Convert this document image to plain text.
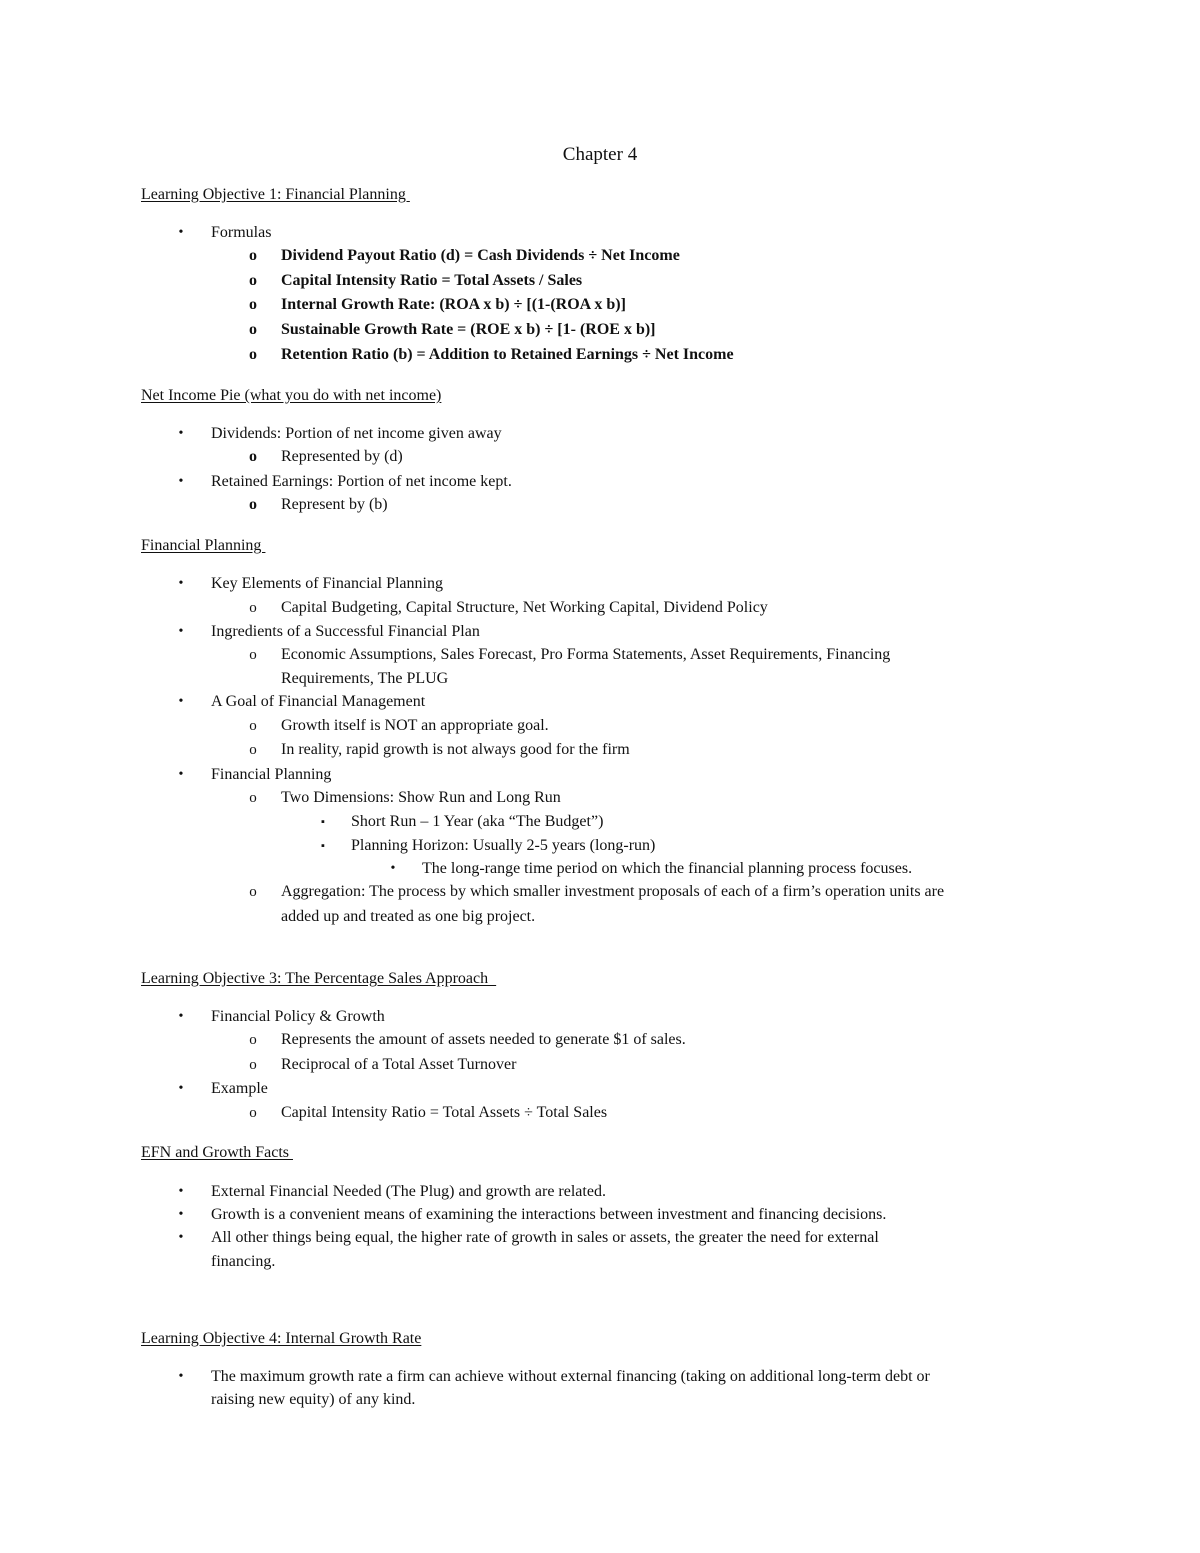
Chapter 4
Learning Objective 1: Financial Planning
• Formulas
o Dividend Payout Ratio (d) = Cash Dividends ÷ Net Income
o Capital Intensity Ratio = Total Assets / Sales
o Internal Growth Rate: (ROA x b) ÷ [(1-(ROA x b)]
o Sustainable Growth Rate = (ROE x b) ÷ [1- (ROE x b)]
o Retention Ratio (b) = Addition to Retained Earnings ÷ Net Income
Net Income Pie (what you do with net income)
• Dividends: Portion of net income given away
o Represented by (d)
• Retained Earnings: Portion of net income kept.
o Represent by (b)
Financial Planning
• Key Elements of Financial Planning
o Capital Budgeting, Capital Structure, Net Working Capital, Dividend Policy
• Ingredients of a Successful Financial Plan
o Economic Assumptions, Sales Forecast, Pro Forma Statements, Asset Requirements, Financing
Requirements, The PLUG
• A Goal of Financial Management
o Growth itself is NOT an appropriate goal.
o In reality, rapid growth is not always good for the firm
• Financial Planning
o Two Dimensions: Show Run and Long Run
▪	Short Run – 1 Year (aka “The Budget”)
▪	Planning Horizon: Usually 2-5 years (long-run)
• The long-range time period on which the financial planning process focuses.
o Aggregation: The process by which smaller investment proposals of each of a firm’s operation units are
added up and treated as one big project.
Learning Objective 3: The Percentage Sales Approach
• Financial Policy & Growth
o Represents the amount of assets needed to generate $1 of sales.
o Reciprocal of a Total Asset Turnover
• Example
o Capital Intensity Ratio = Total Assets ÷ Total Sales
EFN and Growth Facts
• External Financial Needed (The Plug) and growth are related.
• Growth is a convenient means of examining the interactions between investment and financing decisions.
• All other things being equal, the higher rate of growth in sales or assets, the greater the need for external
financing.
Learning Objective 4: Internal Growth Rate
• The maximum growth rate a firm can achieve without external financing (taking on additional long-term debt or
raising new equity) of any kind.
